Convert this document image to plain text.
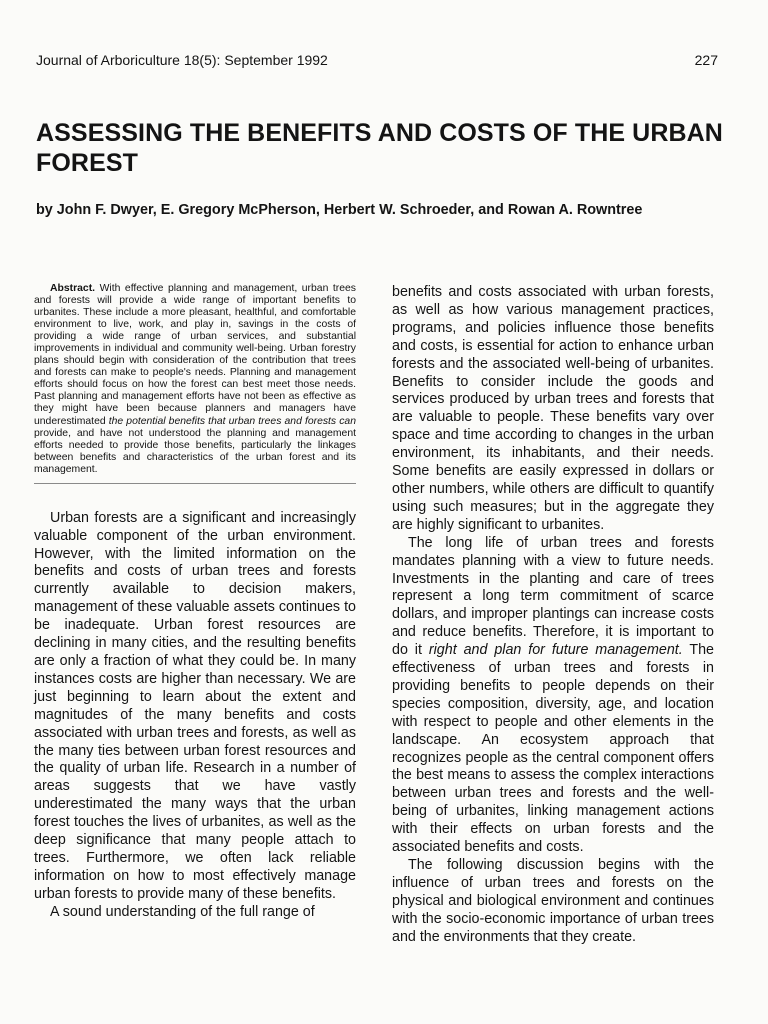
Journal of Arboriculture 18(5): September 1992	227
ASSESSING THE BENEFITS AND COSTS OF THE URBAN FOREST

by John F. Dwyer, E. Gregory McPherson, Herbert W. Schroeder, and Rowan A. Rowntree

Abstract. With effective planning and management, urban trees and forests will provide a wide range of important benefits to urbanites. These include a more pleasant, healthful, and comfortable environment to live, work, and play in, savings in the costs of providing a wide range of urban services, and substantial improvements in individual and community well-being. Urban forestry plans should begin with consideration of the contribution that trees and forests can make to people's needs. Planning and management efforts should focus on how the forest can best meet those needs. Past planning and management efforts have not been as effective as they might have been because planners and managers have underestimated the potential benefits that urban trees and forests can provide, and have not understood the planning and management efforts needed to provide those benefits, particularly the linkages between benefits and characteristics of the urban forest and its management.

Urban forests are a significant and increasingly valuable component of the urban environment. However, with the limited information on the benefits and costs of urban trees and forests currently available to decision makers, management of these valuable assets continues to be inadequate. Urban forest resources are declining in many cities, and the resulting benefits are only a fraction of what they could be. In many instances costs are higher than necessary. We are just beginning to learn about the extent and magnitudes of the many benefits and costs associated with urban trees and forests, as well as the many ties between urban forest resources and the quality of urban life. Research in a number of areas suggests that we have vastly underestimated the many ways that the urban forest touches the lives of urbanites, as well as the deep significance that many people attach to trees. Furthermore, we often lack reliable information on how to most effectively manage urban forests to provide many of these benefits.

A sound understanding of the full range of

benefits and costs associated with urban forests, as well as how various management practices, programs, and policies influence those benefits and costs, is essential for action to enhance urban forests and the associated well-being of urbanites. Benefits to consider include the goods and services produced by urban trees and forests that are valuable to people. These benefits vary over space and time according to changes in the urban environment, its inhabitants, and their needs. Some benefits are easily expressed in dollars or other numbers, while others are difficult to quantify using such measures; but in the aggregate they are highly significant to urbanites.

The long life of urban trees and forests mandates planning with a view to future needs. Investments in the planting and care of trees represent a long term commitment of scarce dollars, and improper plantings can increase costs and reduce benefits. Therefore, it is important to do it right and plan for future management. The effectiveness of urban trees and forests in providing benefits to people depends on their species composition, diversity, age, and location with respect to people and other elements in the landscape. An ecosystem approach that recognizes people as the central component offers the best means to assess the complex interactions between urban trees and forests and the well-being of urbanites, linking management actions with their effects on urban forests and the associated benefits and costs.

The following discussion begins with the influence of urban trees and forests on the physical and biological environment and continues with the socio-economic importance of urban trees and the environments that they create.
